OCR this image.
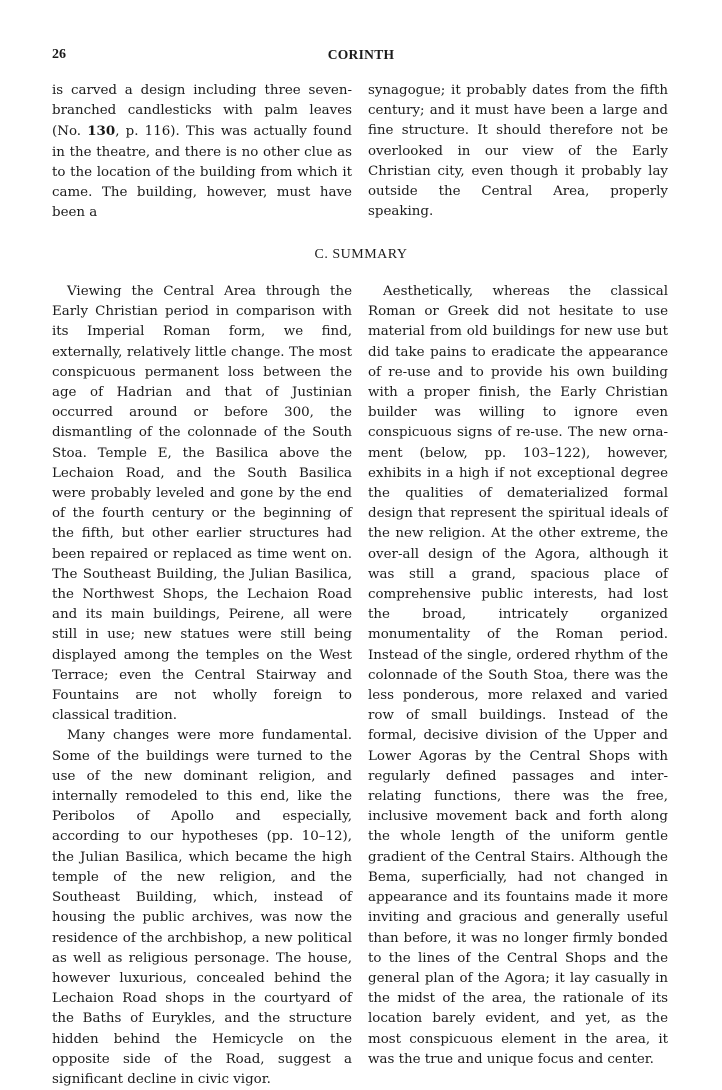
26	CORINTH

is carved a design including three seven-branched candlesticks with palm leaves (No. 130, p. 116). This was actually found in the theatre, and there is no other clue as to the location of the building from which it came. The building, however, must have been a

synagogue; it probably dates from the fifth century; and it must have been a large and fine structure. It should therefore not be overlooked in our view of the Early Christian city, even though it probably lay outside the Central Area, properly speaking.

C. SUMMARY

Viewing the Central Area through the Early Christian period in comparison with its Imperial Roman form, we find, externally, relatively little change. The most conspicuous permanent loss between the age of Hadrian and that of Justinian occurred around or before 300, the dismantling of the colonnade of the South Stoa. Temple E, the Basilica above the Lechaion Road, and the South Basilica were probably leveled and gone by the end of the fourth century or the beginning of the fifth, but other earlier structures had been repaired or replaced as time went on. The Southeast Building, the Julian Basilica, the Northwest Shops, the Lechaion Road and its main buildings, Peirene, all were still in use; new statues were still being displayed among the temples on the West Terrace; even the Central Stairway and Fountains are not wholly foreign to classical tradition.

Many changes were more fundamental. Some of the buildings were turned to the use of the new dominant religion, and internally remodeled to this end, like the Peribolos of Apollo and especially, according to our hypotheses (pp. 10–12), the Julian Basilica, which became the high temple of the new religion, and the Southeast Building, which, instead of housing the public archives, was now the residence of the archbishop, a new political as well as religious personage. The house, however luxurious, concealed behind the Lechaion Road shops in the courtyard of the Baths of Eurykles, and the structure hidden behind the Hemicycle on the opposite side of the Road, suggest a significant decline in civic vigor.

Aesthetically, whereas the classical Roman or Greek did not hesitate to use material from old buildings for new use but did take pains to eradicate the appearance of re-use and to provide his own building with a proper finish, the Early Christian builder was willing to ignore even conspicuous signs of re-use. The new ornament (below, pp. 103–122), however, exhibits in a high if not exceptional degree the qualities of dematerialized formal design that represent the spiritual ideals of the new religion. At the other extreme, the over-all design of the Agora, although it was still a grand, spacious place of comprehensive public interests, had lost the broad, intricately organized monumentality of the Roman period. Instead of the single, ordered rhythm of the colonnade of the South Stoa, there was the less ponderous, more relaxed and varied row of small buildings. Instead of the formal, decisive division of the Upper and Lower Agoras by the Central Shops with regularly defined passages and inter-relating functions, there was the free, inclusive movement back and forth along the whole length of the uniform gentle gradient of the Central Stairs. Although the Bema, superficially, had not changed in appearance and its fountains made it more inviting and gracious and generally useful than before, it was no longer firmly bonded to the lines of the Central Shops and the general plan of the Agora; it lay casually in the midst of the area, the rationale of its location barely evident, and yet, as the most conspicuous element in the area, it was the true and unique focus and center.
